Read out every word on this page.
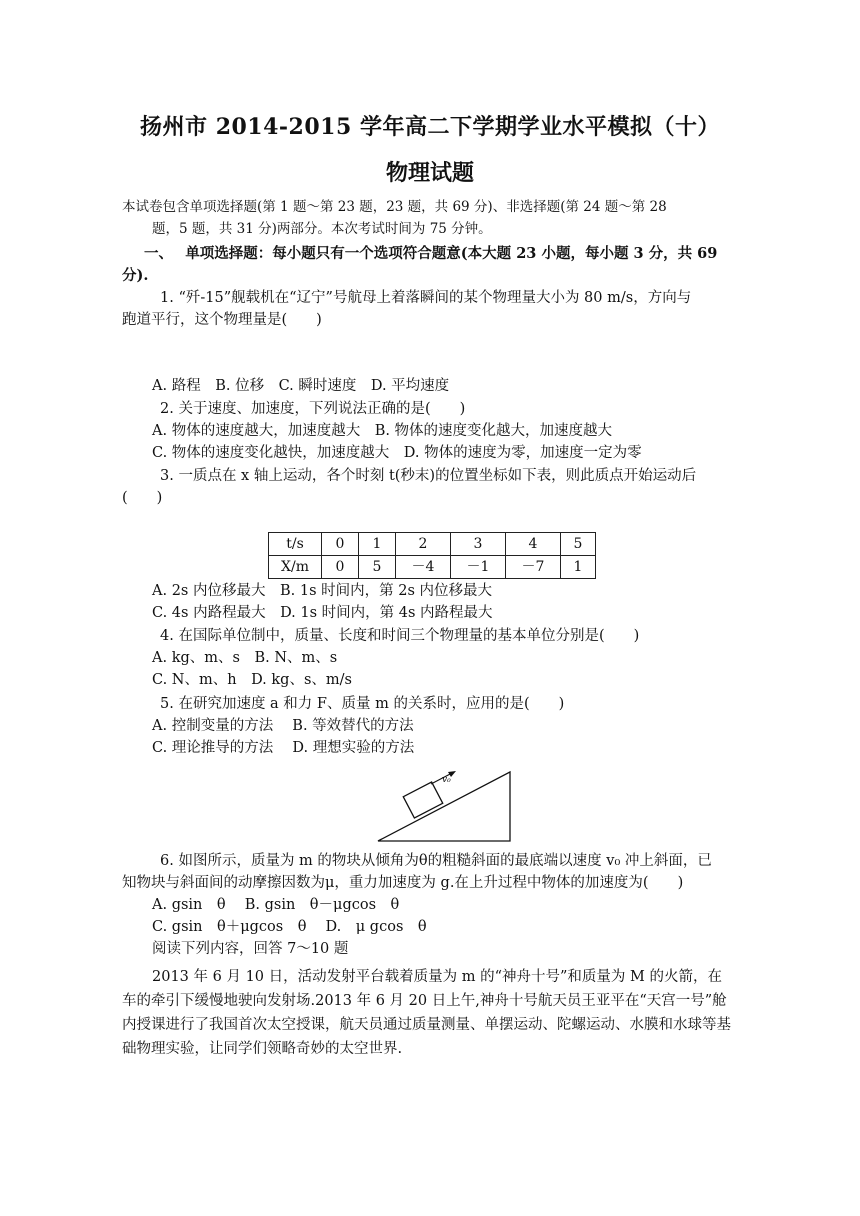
扬州市 2014-2015 学年高二下学期学业水平模拟（十）
物理试题
本试卷包含单项选择题(第 1 题～第 23 题，23 题，共 69 分)、非选择题(第 24 题～第 28
题，5 题，共 31 分)两部分。本次考试时间为 75 分钟。
一、　 单项选择题：每小题只有一个选项符合题意(本大题 23 小题，每小题 3 分，共 69
分).
1. “歼-15”舰载机在“辽宁”号航母上着落瞬间的某个物理量大小为 80 m/s，方向与
跑道平行，这个物理量是(　　)
A. 路程　B. 位移　C. 瞬时速度　D. 平均速度
2. 关于速度、加速度，下列说法正确的是(　　)
A. 物体的速度越大，加速度越大　B. 物体的速度变化越大，加速度越大
C. 物体的速度变化越快，加速度越大　D. 物体的速度为零，加速度一定为零
3. 一质点在 x 轴上运动，各个时刻 t(秒末)的位置坐标如下表，则此质点开始运动后
(　　)
t/s	0	1	2	3	4	5
X/m	0	5	－4	－1	－7	1
A. 2s 内位移最大　B. 1s 时间内，第 2s 内位移最大
C. 4s 内路程最大　D. 1s 时间内，第 4s 内路程最大
4. 在国际单位制中，质量、长度和时间三个物理量的基本单位分别是(　　)
A. kg、m、s　B. N、m、s
C. N、m、h　D. kg、s、m/s
5. 在研究加速度 a 和力 F、质量 m 的关系时，应用的是(　　)
A. 控制变量的方法　 B. 等效替代的方法
C. 理论推导的方法　 D. 理想实验的方法
v₀
6. 如图所示，质量为 m 的物块从倾角为θ的粗糙斜面的最底端以速度 v₀ 冲上斜面，已
知物块与斜面间的动摩擦因数为μ，重力加速度为 g.在上升过程中物体的加速度为(　　)
A. gsin　θ　 B. gsin　θ－μgcos　θ
C. gsin　θ＋μgcos　θ　 D.　μ gcos　θ
阅读下列内容，回答 7～10 题
2013 年 6 月 10 日，活动发射平台载着质量为 m 的“神舟十号”和质量为 M 的火箭，在车的牵引下缓慢地驶向发射场.2013 年 6 月 20 日上午,神舟十号航天员王亚平在“天宫一号”舱内授课进行了我国首次太空授课，航天员通过质量测量、单摆运动、陀螺运动、水膜和水球等基础物理实验，让同学们领略奇妙的太空世界.
